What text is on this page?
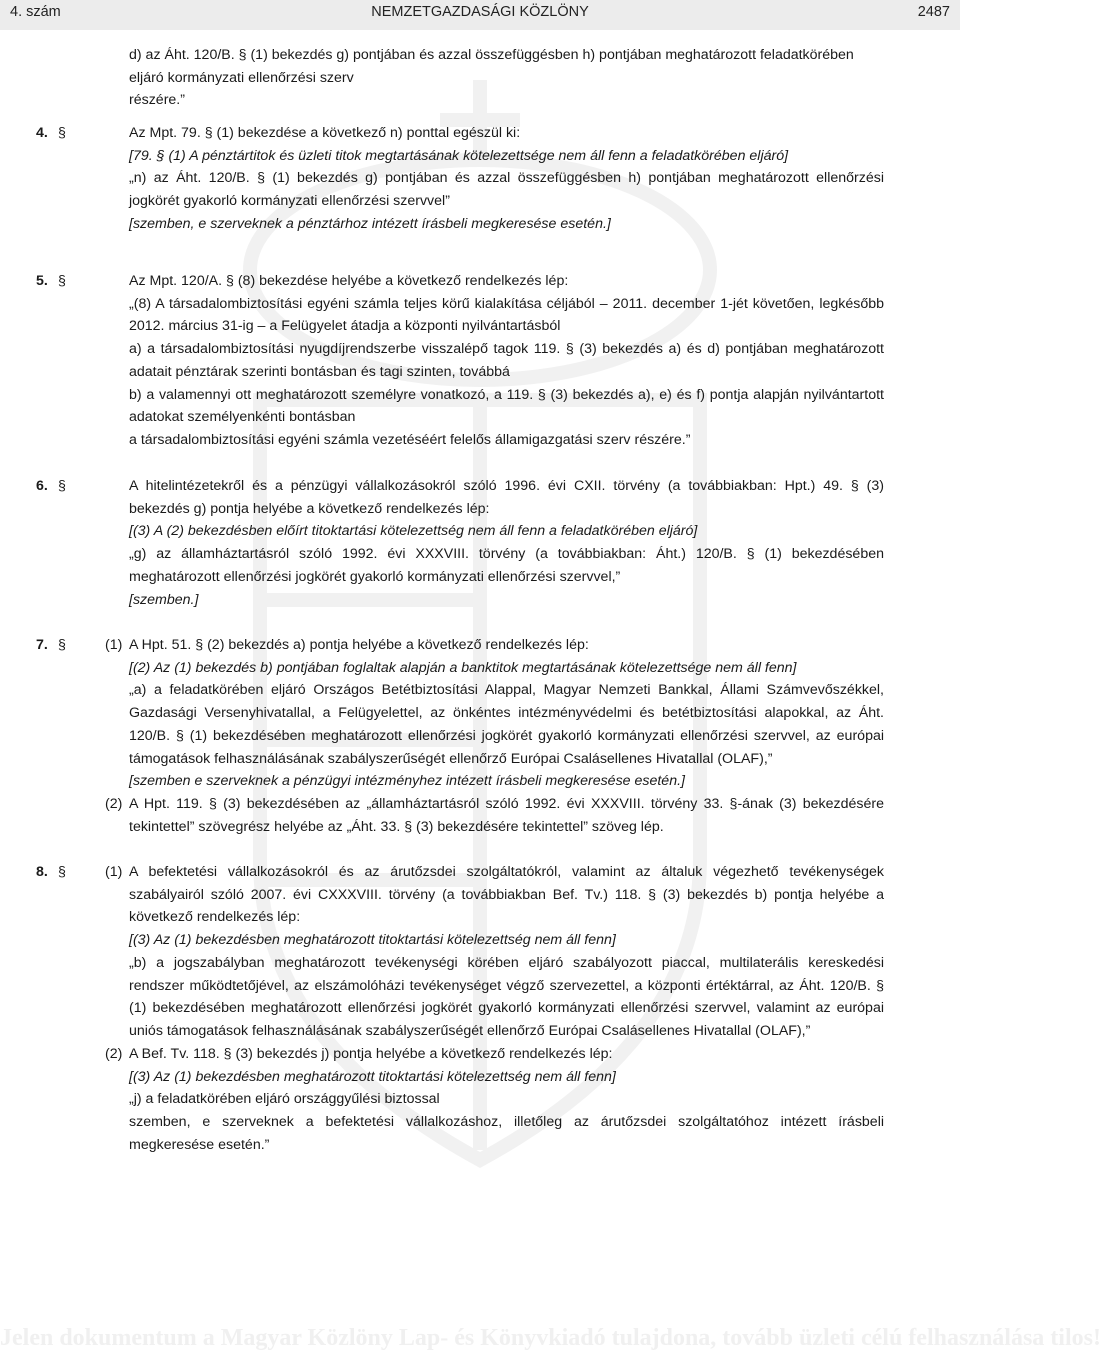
4. szám	NEMZETGAZDASÁGI KÖZLÖNY	2487

d) az Áht. 120/B. § (1) bekezdés g) pontjában és azzal összefüggésben h) pontjában meghatározott feladatkörében

eljáró kormányzati ellenőrzési szerv

részére.”

4. §	Az Mpt. 79. § (1) bekezdése a következő n) ponttal egészül ki:

[79. § (1) A pénztártitok és üzleti titok megtartásának kötelezettsége nem áll fenn a feladatkörében eljáró]

„n) az Áht. 120/B. § (1) bekezdés g) pontjában és azzal összefüggésben h) pontjában meghatározott ellenőrzési jogkörét gyakorló kormányzati ellenőrzési szervvel”

[szemben, e szerveknek a pénztárhoz intézett írásbeli megkeresése esetén.]

5. §	Az Mpt. 120/A. § (8) bekezdése helyébe a következő rendelkezés lép:

„(8) A társadalombiztosítási egyéni számla teljes körű kialakítása céljából – 2011. december 1-jét követően, legkésőbb 2012. március 31-ig – a Felügyelet átadja a központi nyilvántartásból

a) a társadalombiztosítási nyugdíjrendszerbe visszalépő tagok 119. § (3) bekezdés a) és d) pontjában meghatározott adatait pénztárak szerinti bontásban és tagi szinten, továbbá

b) a valamennyi ott meghatározott személyre vonatkozó, a 119. § (3) bekezdés a), e) és f) pontja alapján nyilvántartott adatokat személyenkénti bontásban

a társadalombiztosítási egyéni számla vezetéséért felelős államigazgatási szerv részére.”

6. §	A hitelintézetekről és a pénzügyi vállalkozásokról szóló 1996. évi CXII. törvény (a továbbiakban: Hpt.) 49. § (3) bekezdés g) pontja helyébe a következő rendelkezés lép:

[(3) A (2) bekezdésben előírt titoktartási kötelezettség nem áll fenn a feladatkörében eljáró]

„g) az államháztartásról szóló 1992. évi XXXVIII. törvény (a továbbiakban: Áht.) 120/B. § (1) bekezdésében meghatározott ellenőrzési jogkörét gyakorló kormányzati ellenőrzési szervvel,”

[szemben.]

7. §	(1) A Hpt. 51. § (2) bekezdés a) pontja helyébe a következő rendelkezés lép:

[(2) Az (1) bekezdés b) pontjában foglaltak alapján a banktitok megtartásának kötelezettsége nem áll fenn]

„a) a feladatkörében eljáró Országos Betétbiztosítási Alappal, Magyar Nemzeti Bankkal, Állami Számvevőszékkel, Gazdasági Versenyhivatallal, a Felügyelettel, az önkéntes intézményvédelmi és betétbiztosítási alapokkal, az Áht. 120/B. § (1) bekezdésében meghatározott ellenőrzési jogkörét gyakorló kormányzati ellenőrzési szervvel, az európai támogatások felhasználásának szabályszerűségét ellenőrző Európai Csalásellenes Hivatallal (OLAF),”

[szemben e szerveknek a pénzügyi intézményhez intézett írásbeli megkeresése esetén.]

(2) A Hpt. 119. § (3) bekezdésében az „államháztartásról szóló 1992. évi XXXVIII. törvény 33. §-ának (3) bekezdésére tekintettel” szövegrész helyébe az „Áht. 33. § (3) bekezdésére tekintettel” szöveg lép.

8. §	(1) A befektetési vállalkozásokról és az árutőzsdei szolgáltatókról, valamint az általuk végezhető tevékenységek szabályairól szóló 2007. évi CXXXVIII. törvény (a továbbiakban Bef. Tv.) 118. § (3) bekezdés b) pontja helyébe a következő rendelkezés lép:

[(3) Az (1) bekezdésben meghatározott titoktartási kötelezettség nem áll fenn]

„b) a jogszabályban meghatározott tevékenységi körében eljáró szabályozott piaccal, multilaterális kereskedési rendszer működtetőjével, az elszámolóházi tevékenységet végző szervezettel, a központi értéktárral, az Áht. 120/B. § (1) bekezdésében meghatározott ellenőrzési jogkörét gyakorló kormányzati ellenőrzési szervvel, valamint az európai uniós támogatások felhasználásának szabályszerűségét ellenőrző Európai Csalásellenes Hivatallal (OLAF),”

(2) A Bef. Tv. 118. § (3) bekezdés j) pontja helyébe a következő rendelkezés lép:

[(3) Az (1) bekezdésben meghatározott titoktartási kötelezettség nem áll fenn]

„j) a feladatkörében eljáró országgyűlési biztossal

szemben, e szerveknek a befektetési vállalkozáshoz, illetőleg az árutőzsdei szolgáltatóhoz intézett írásbeli megkeresése esetén.”

Jelen dokumentum a Magyar Közlöny Lap- és Könyvkiadó tulajdona, tovább üzleti célú felhasználása tilos!
